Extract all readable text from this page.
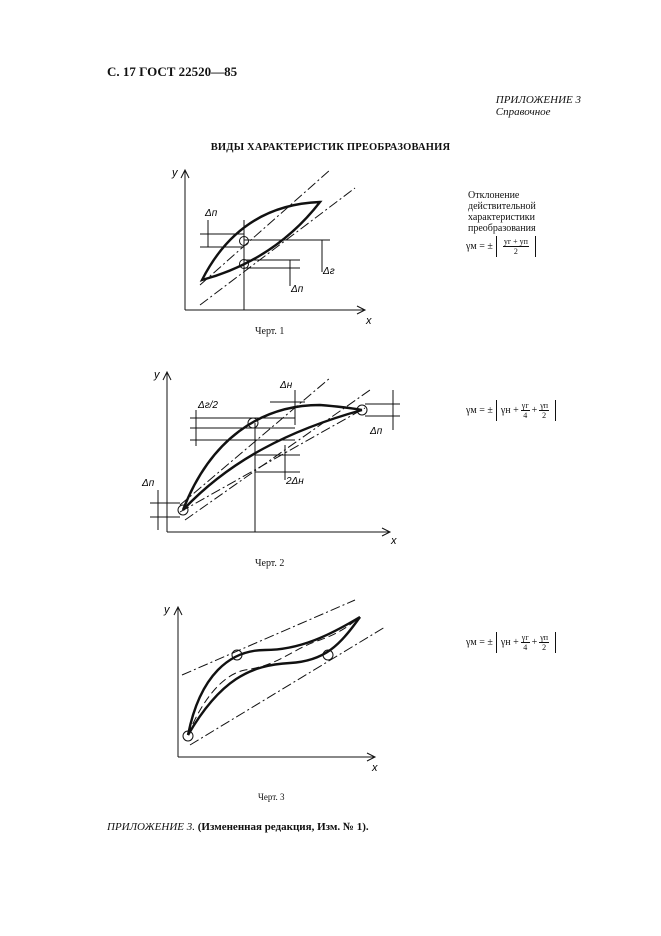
С. 17 ГОСТ 22520—85
ПРИЛОЖЕНИЕ 3
Справочное
ВИДЫ ХАРАКТЕРИСТИК ПРЕОБРАЗОВАНИЯ
y
x
Δп
Δг
Δп
Черт. 1
Отклонение
действительной
характеристики
преобразования
γм = ± $\frac{yг + yп}{2}$
y
x
Δн
Δг/2
Δп
2Δн
Δп
Черт. 2
γм = ± $\gamma н + \frac{\gamma г}{4} + \frac{\gamma п}{2}$
y
x
Черт. 3
γм = ± $\gamma н + \frac{\gamma г}{4} + \frac{\gamma п}{2}$
ПРИЛОЖЕНИЕ 3. (Измененная редакция, Изм. № 1).
